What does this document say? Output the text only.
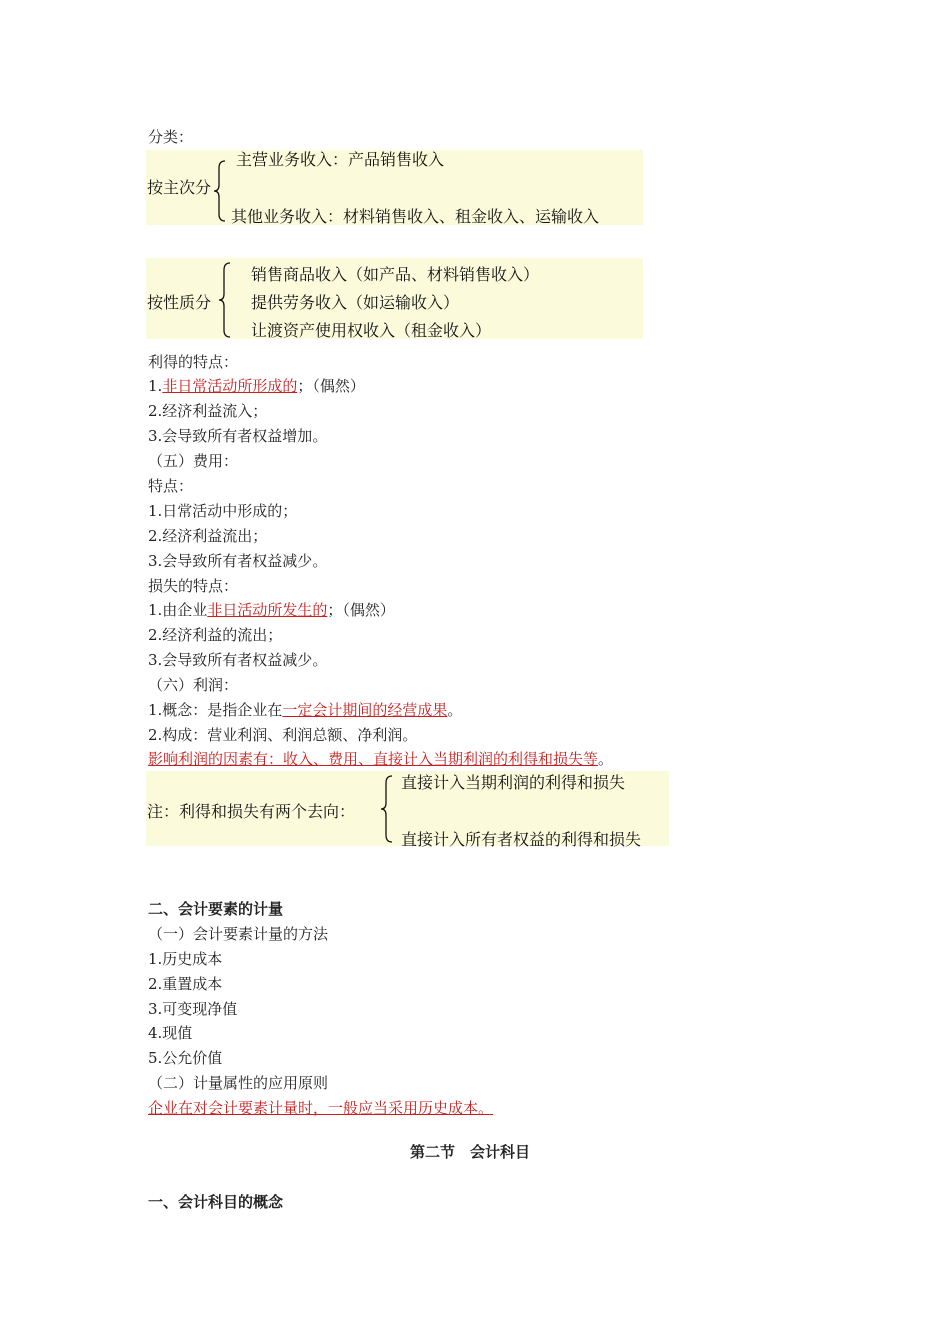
分类：
按主次分
主营业务收入：产品销售收入
其他业务收入：材料销售收入、租金收入、运输收入
按性质分
销售商品收入（如产品、材料销售收入）
提供劳务收入（如运输收入）
让渡资产使用权收入（租金收入）
利得的特点：
1.非日常活动所形成的；（偶然）
2.经济利益流入；
3.会导致所有者权益增加。
（五）费用：
特点：
1.日常活动中形成的；
2.经济利益流出；
3.会导致所有者权益减少。
损失的特点：
1.由企业非日活动所发生的；（偶然）
2.经济利益的流出；
3.会导致所有者权益减少。
（六）利润：
1.概念：是指企业在一定会计期间的经营成果。
2.构成：营业利润、利润总额、净利润。
影响利润的因素有：收入、费用、直接计入当期利润的利得和损失等。
注：利得和损失有两个去向：
直接计入当期利润的利得和损失
直接计入所有者权益的利得和损失
二、会计要素的计量
（一）会计要素计量的方法
1.历史成本
2.重置成本
3.可变现净值
4.现值
5.公允价值
（二）计量属性的应用原则
企业在对会计要素计量时，一般应当采用历史成本。
第二节　会计科目
一、会计科目的概念
